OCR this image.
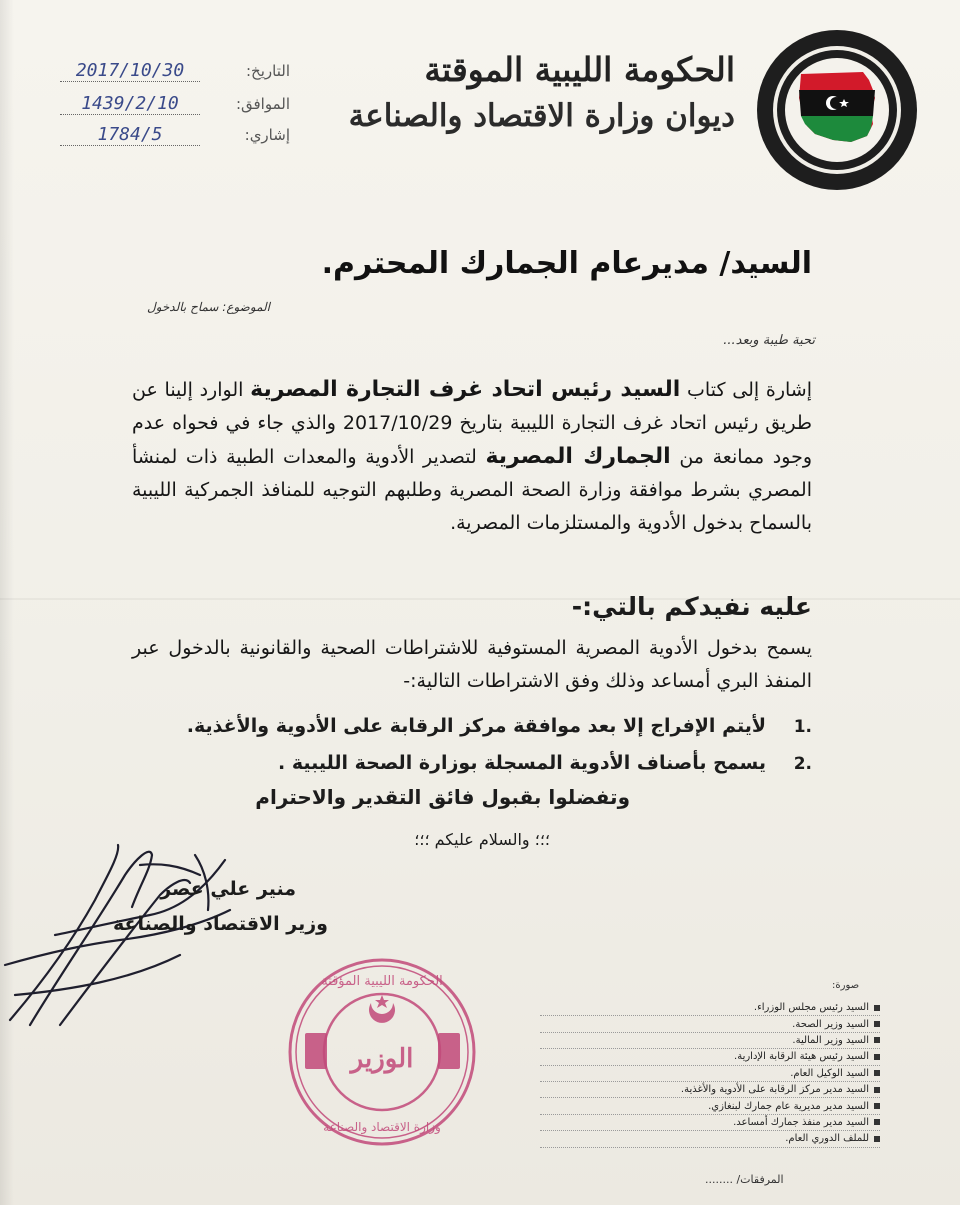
الحكومة الليبية الموقتة
ديوان وزارة الاقتصاد والصناعة
التاريخ:
2017/10/30
الموافق:
1439/2/10
إشاري:
1784/5
السيد/ مديرعام الجمارك المحترم.
الموضوع: سماح بالدخول
تحية طيبة وبعد...
إشارة إلى كتاب السيد رئيس اتحاد غرف التجارة المصرية الوارد إلينا عن طريق رئيس اتحاد غرف التجارة الليبية بتاريخ 2017/10/29 والذي جاء في فحواه عدم وجود ممانعة من الجمارك المصرية لتصدير الأدوية والمعدات الطبية ذات لمنشأ المصري بشرط موافقة وزارة الصحة المصرية وطلبهم التوجيه للمنافذ الجمركية الليبية بالسماح بدخول الأدوية والمستلزمات المصرية.
عليه نفيدكم بالتي:-
يسمح بدخول الأدوية المصرية المستوفية للاشتراطات الصحية والقانونية بالدخول عبر المنفذ البري أمساعد وذلك وفق الاشتراطات التالية:-
1.
لأيتم الإفراج إلا بعد موافقة مركز الرقابة على الأدوية والأغذية.
2.
يسمح بأصناف الأدوية المسجلة بوزارة الصحة الليبية .
وتفضلوا بقبول فائق التقدير والاحترام
؛؛؛ والسلام عليكم ؛؛؛
منير علي عصر
وزير الاقتصاد والصناعة
الوزير
الحكومة الليبية المؤقتة
وزارة الاقتصاد والصناعة
صورة:
السيد رئيس مجلس الوزراء.
السيد وزير الصحة.
السيد وزير المالية.
السيد رئيس هيئة الرقابة الإدارية.
السيد الوكيل العام.
السيد مدير مركز الرقابة على الأدوية والأغذية.
السيد مدير مديرية عام جمارك لبنغازي.
السيد مدير منفذ جمارك أمساعد.
للملف الدوري العام.
المرفقات/ ........
